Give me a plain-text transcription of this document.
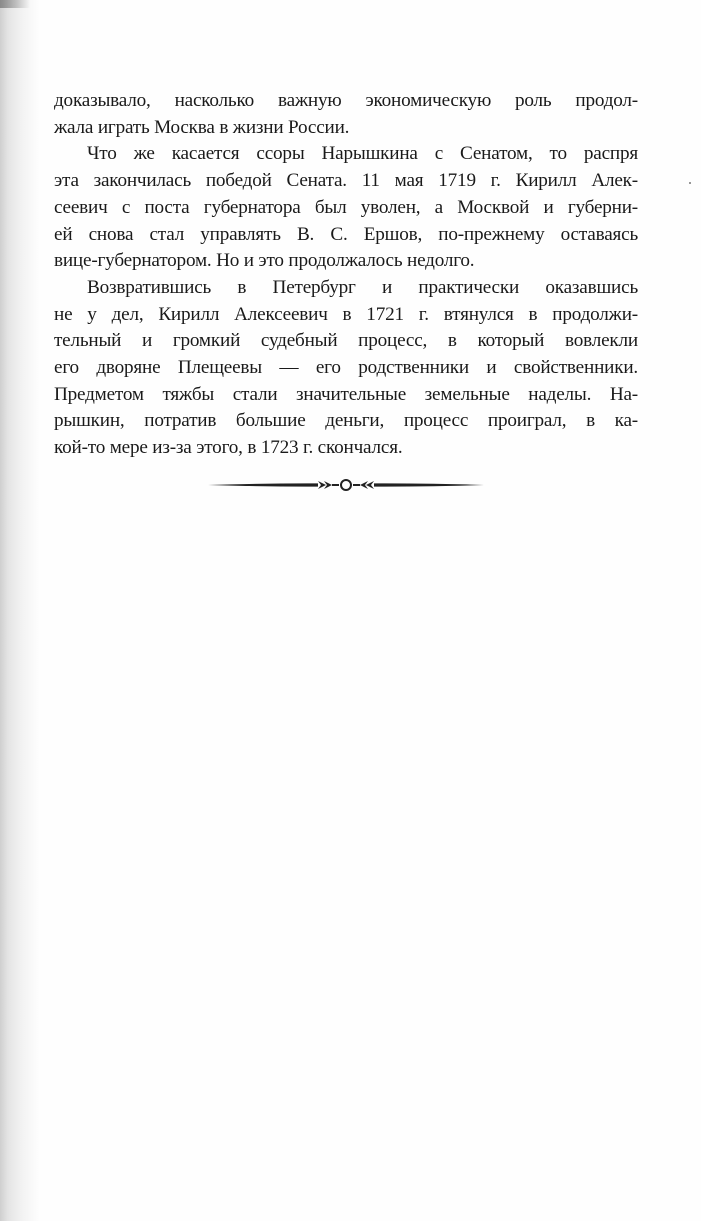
доказывало, насколько важную экономическую роль продол-
жала играть Москва в жизни России.

Что же касается ссоры Нарышкина с Сенатом, то распря
эта закончилась победой Сената. 11 мая 1719 г. Кирилл Алек-
сеевич с поста губернатора был уволен, а Москвой и губерни-
ей снова стал управлять В. С. Ершов, по-прежнему оставаясь
вице-губернатором. Но и это продолжалось недолго.

Возвратившись в Петербург и практически оказавшись
не у дел, Кирилл Алексеевич в 1721 г. втянулся в продолжи-
тельный и громкий судебный процесс, в который вовлекли
его дворяне Плещеевы — его родственники и свойственники.
Предметом тяжбы стали значительные земельные наделы. На-
рышкин, потратив большие деньги, процесс проиграл, в ка-
кой-то мере из-за этого, в 1723 г. скончался.
